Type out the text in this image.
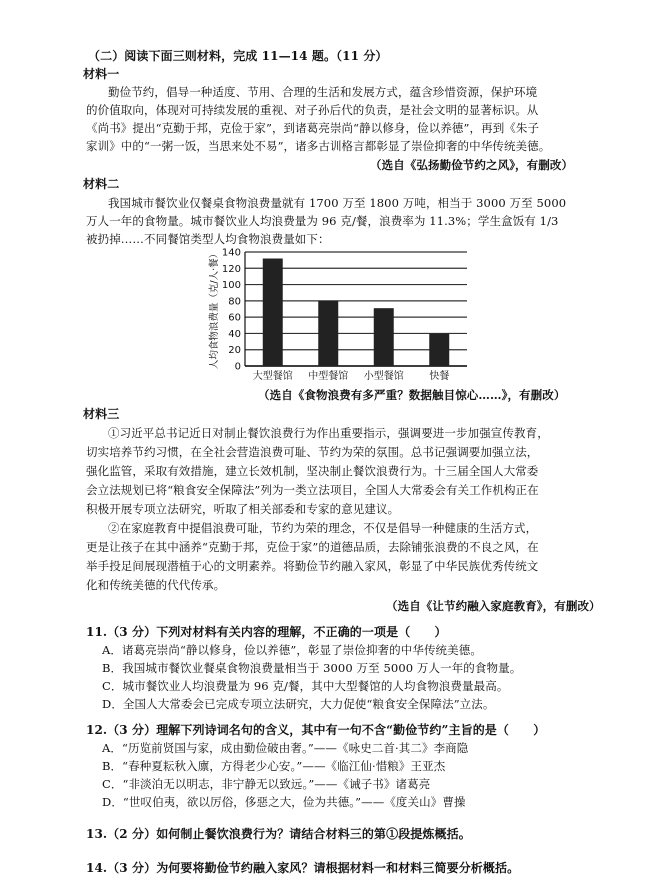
（二）阅读下面三则材料，完成 11—14 题。（11 分）
材料一
勤俭节约，倡导一种适度、节用、合理的生活和发展方式，蕴含珍惜资源，保护环境
的价值取向，体现对可持续发展的重视、对子孙后代的负责，是社会文明的显著标识。从
《尚书》提出“克勤于邦，克俭于家”，到诸葛亮崇尚“静以修身，俭以养德”，再到《朱子
家训》中的“一粥一饭，当思来处不易”，诸多古训格言都彰显了崇俭抑奢的中华传统美德。
（选自《弘扬勤俭节约之风》，有删改）
材料二
我国城市餐饮业仅餐桌食物浪费量就有 1700 万至 1800 万吨，相当于 3000 万至 5000
万人一年的食物量。城市餐饮业人均浪费量为 96 克/餐，浪费率为 11.3%；学生盒饭有 1/3
被扔掉……不同餐馆类型人均食物浪费量如下：
0
20
40
60
80
100
120
140
人均食物浪费量（克/人·餐）
大型餐馆 中型餐馆 小型餐馆	快餐
（选自《食物浪费有多严重？数据触目惊心……》，有删改）
材料三
①习近平总书记近日对制止餐饮浪费行为作出重要指示，强调要进一步加强宣传教育，
切实培养节约习惯，在全社会营造浪费可耻、节约为荣的氛围。总书记强调要加强立法，
强化监管，采取有效措施，建立长效机制，坚决制止餐饮浪费行为。十三届全国人大常委
会立法规划已将“粮食安全保障法”列为一类立法项目，全国人大常委会有关工作机构正在
积极开展专项立法研究，听取了相关部委和专家的意见建议。
②在家庭教育中提倡浪费可耻，节约为荣的理念，不仅是倡导一种健康的生活方式，
更是让孩子在其中涵养“克勤于邦，克俭于家”的道德品质，去除铺张浪费的不良之风，在
举手投足间展现潜植于心的文明素养。将勤俭节约融入家风，彰显了中华民族优秀传统文
化和传统美德的代代传承。
（选自《让节约融入家庭教育》，有删改）
11.（3 分）下列对材料有关内容的理解，不正确的一项是（　　）
A．诸葛亮崇尚“静以修身，俭以养德”，彰显了崇俭抑奢的中华传统美德。
B．我国城市餐饮业餐桌食物浪费量相当于 3000 万至 5000 万人一年的食物量。
C．城市餐饮业人均浪费量为 96 克/餐，其中大型餐馆的人均食物浪费量最高。
D．全国人大常委会已完成专项立法研究，大力促使“粮食安全保障法”立法。
12.（3 分）理解下列诗词名句的含义，其中有一句不含“勤俭节约”主旨的是（　　）
A．“历览前贤国与家，成由勤俭破由奢。”——《咏史二首·其二》李商隐
B．“春种夏耘秋入廪，方得老少心安。”——《临江仙·惜粮》王亚杰
C．“非淡泊无以明志，非宁静无以致远。”——《诫子书》诸葛亮
D．“世叹伯夷，欲以厉俗，侈惡之大，俭为共德。”——《度关山》曹操
13.（2 分）如何制止餐饮浪费行为？请结合材料三的第①段提炼概括。
14.（3 分）为何要将勤俭节约融入家风？请根据材料一和材料三简要分析概括。
